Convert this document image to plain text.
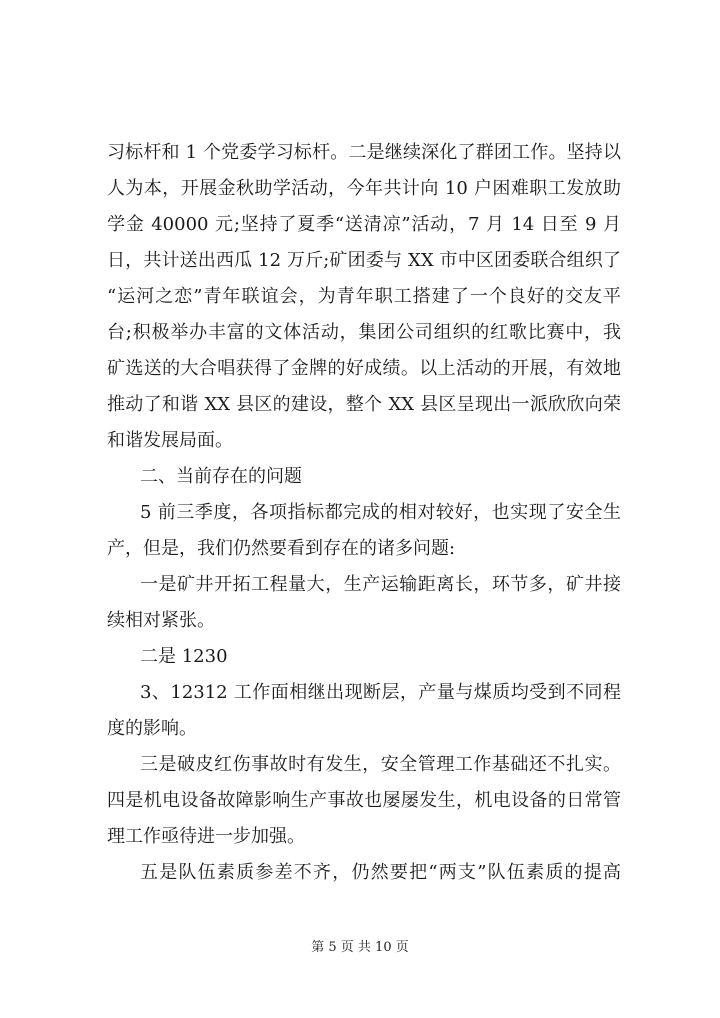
习标杆和 1 个党委学习标杆。二是继续深化了群团工作。坚持以
人为本，开展金秋助学活动，今年共计向 10 户困难职工发放助
学金 40000 元;坚持了夏季“送清凉”活动，7 月 14 日至 9 月
日，共计送出西瓜 12 万斤;矿团委与 XX 市中区团委联合组织了
“运河之恋”青年联谊会，为青年职工搭建了一个良好的交友平
台;积极举办丰富的文体活动，集团公司组织的红歌比赛中，我
矿选送的大合唱获得了金牌的好成绩。以上活动的开展，有效地
推动了和谐 XX 县区的建设，整个 XX 县区呈现出一派欣欣向荣
和谐发展局面。
二、当前存在的问题
5 前三季度，各项指标都完成的相对较好，也实现了安全生
产，但是，我们仍然要看到存在的诸多问题:
一是矿井开拓工程量大，生产运输距离长，环节多，矿井接
续相对紧张。
二是 1230
3、12312 工作面相继出现断层，产量与煤质均受到不同程
度的影响。
三是破皮红伤事故时有发生，安全管理工作基础还不扎实。
四是机电设备故障影响生产事故也屡屡发生，机电设备的日常管
理工作亟待进一步加强。
五是队伍素质参差不齐，仍然要把“两支”队伍素质的提高
第 5 页 共 10 页
